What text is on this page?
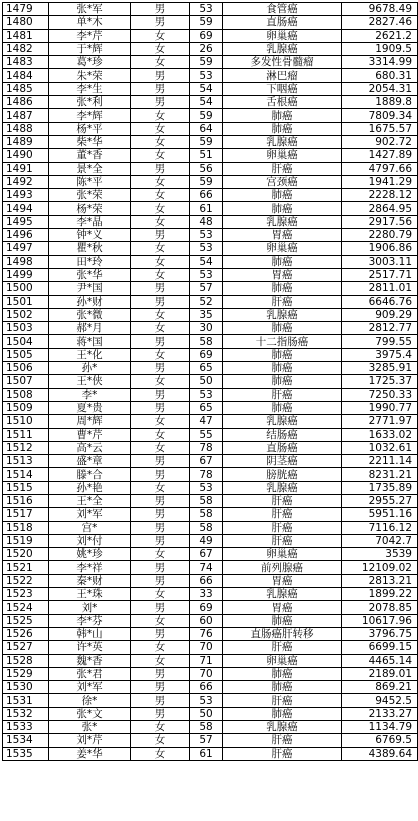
1479	张*军	男	53	食管癌	9678.49
1480	单*木	男	59	直肠癌	2827.46
1481	李*芹	女	69	卵巢癌	2621.2
1482	于*辉	女	26	乳腺癌	1909.5
1483	葛*珍	女	59	多发性骨髓瘤	3314.99
1484	朱*荣	男	53	淋巴瘤	680.31
1485	李*生	男	54	下咽癌	2054.31
1486	张*利	男	54	舌根癌	1889.8
1487	李*辉	女	59	肺癌	7809.34
1488	杨*平	女	64	肺癌	1675.57
1489	柴*华	女	59	乳腺癌	902.72
1490	董*香	女	51	卵巢癌	1427.89
1491	景*全	男	56	肝癌	4797.66
1492	陈*平	女	59	宫颈癌	1941.29
1493	张*荣	女	66	肺癌	2228.12
1494	杨*荣	女	61	肺癌	2864.95
1495	李*晶	女	48	乳腺癌	2917.56
1496	钟*义	男	53	胃癌	2280.79
1497	瞿*秋	女	53	卵巢癌	1906.86
1498	田*玲	女	54	肺癌	3003.11
1499	张*华	女	53	胃癌	2517.71
1500	尹*国	男	57	肺癌	2811.01
1501	孙*财	男	52	肝癌	6646.76
1502	张*微	女	35	乳腺癌	909.29
1503	郝*月	女	30	肺癌	2812.77
1504	蒋*国	男	58	十二指肠癌	799.55
1505	王*化	女	69	肺癌	3975.4
1506	孙*	男	65	肺癌	3285.91
1507	王*侠	女	50	肺癌	1725.37
1508	李*	男	53	肝癌	7250.33
1509	夏*贵	男	65	肺癌	1990.77
1510	周*辉	女	47	乳腺癌	2771.97
1511	曹*芹	女	55	结肠癌	1633.02
1512	高*云	女	78	直肠癌	1032.61
1513	盛*章	男	67	阴茎癌	2211.14
1514	滕*合	男	78	膀胱癌	8231.21
1515	孙*艳	女	53	乳腺癌	1735.89
1516	王*全	男	58	肝癌	2955.27
1517	刘*军	男	58	肝癌	5951.16
1518	宫*	男	58	肝癌	7116.12
1519	刘*付	男	49	肝癌	7042.7
1520	姚*珍	女	67	卵巢癌	3539
1521	李*祥	男	74	前列腺癌	12109.02
1522	秦*财	男	66	胃癌	2813.21
1523	王*珠	女	33	乳腺癌	1899.22
1524	刘*	男	69	胃癌	2078.85
1525	李*芬	女	60	肺癌	10617.96
1526	韩*山	男	76	直肠癌肝转移	3796.75
1527	许*英	女	70	肝癌	6699.15
1528	魏*香	女	71	卵巢癌	4465.14
1529	张*君	男	70	肺癌	2189.01
1530	刘*军	男	66	肺癌	869.21
1531	徐*	男	53	肝癌	9452.5
1532	张*文	男	50	肺癌	2133.27
1533	张*	女	58	乳腺癌	1134.79
1534	刘*芹	女	57	肝癌	6769.5
1535	姜*华	女	61	肝癌	4389.64
